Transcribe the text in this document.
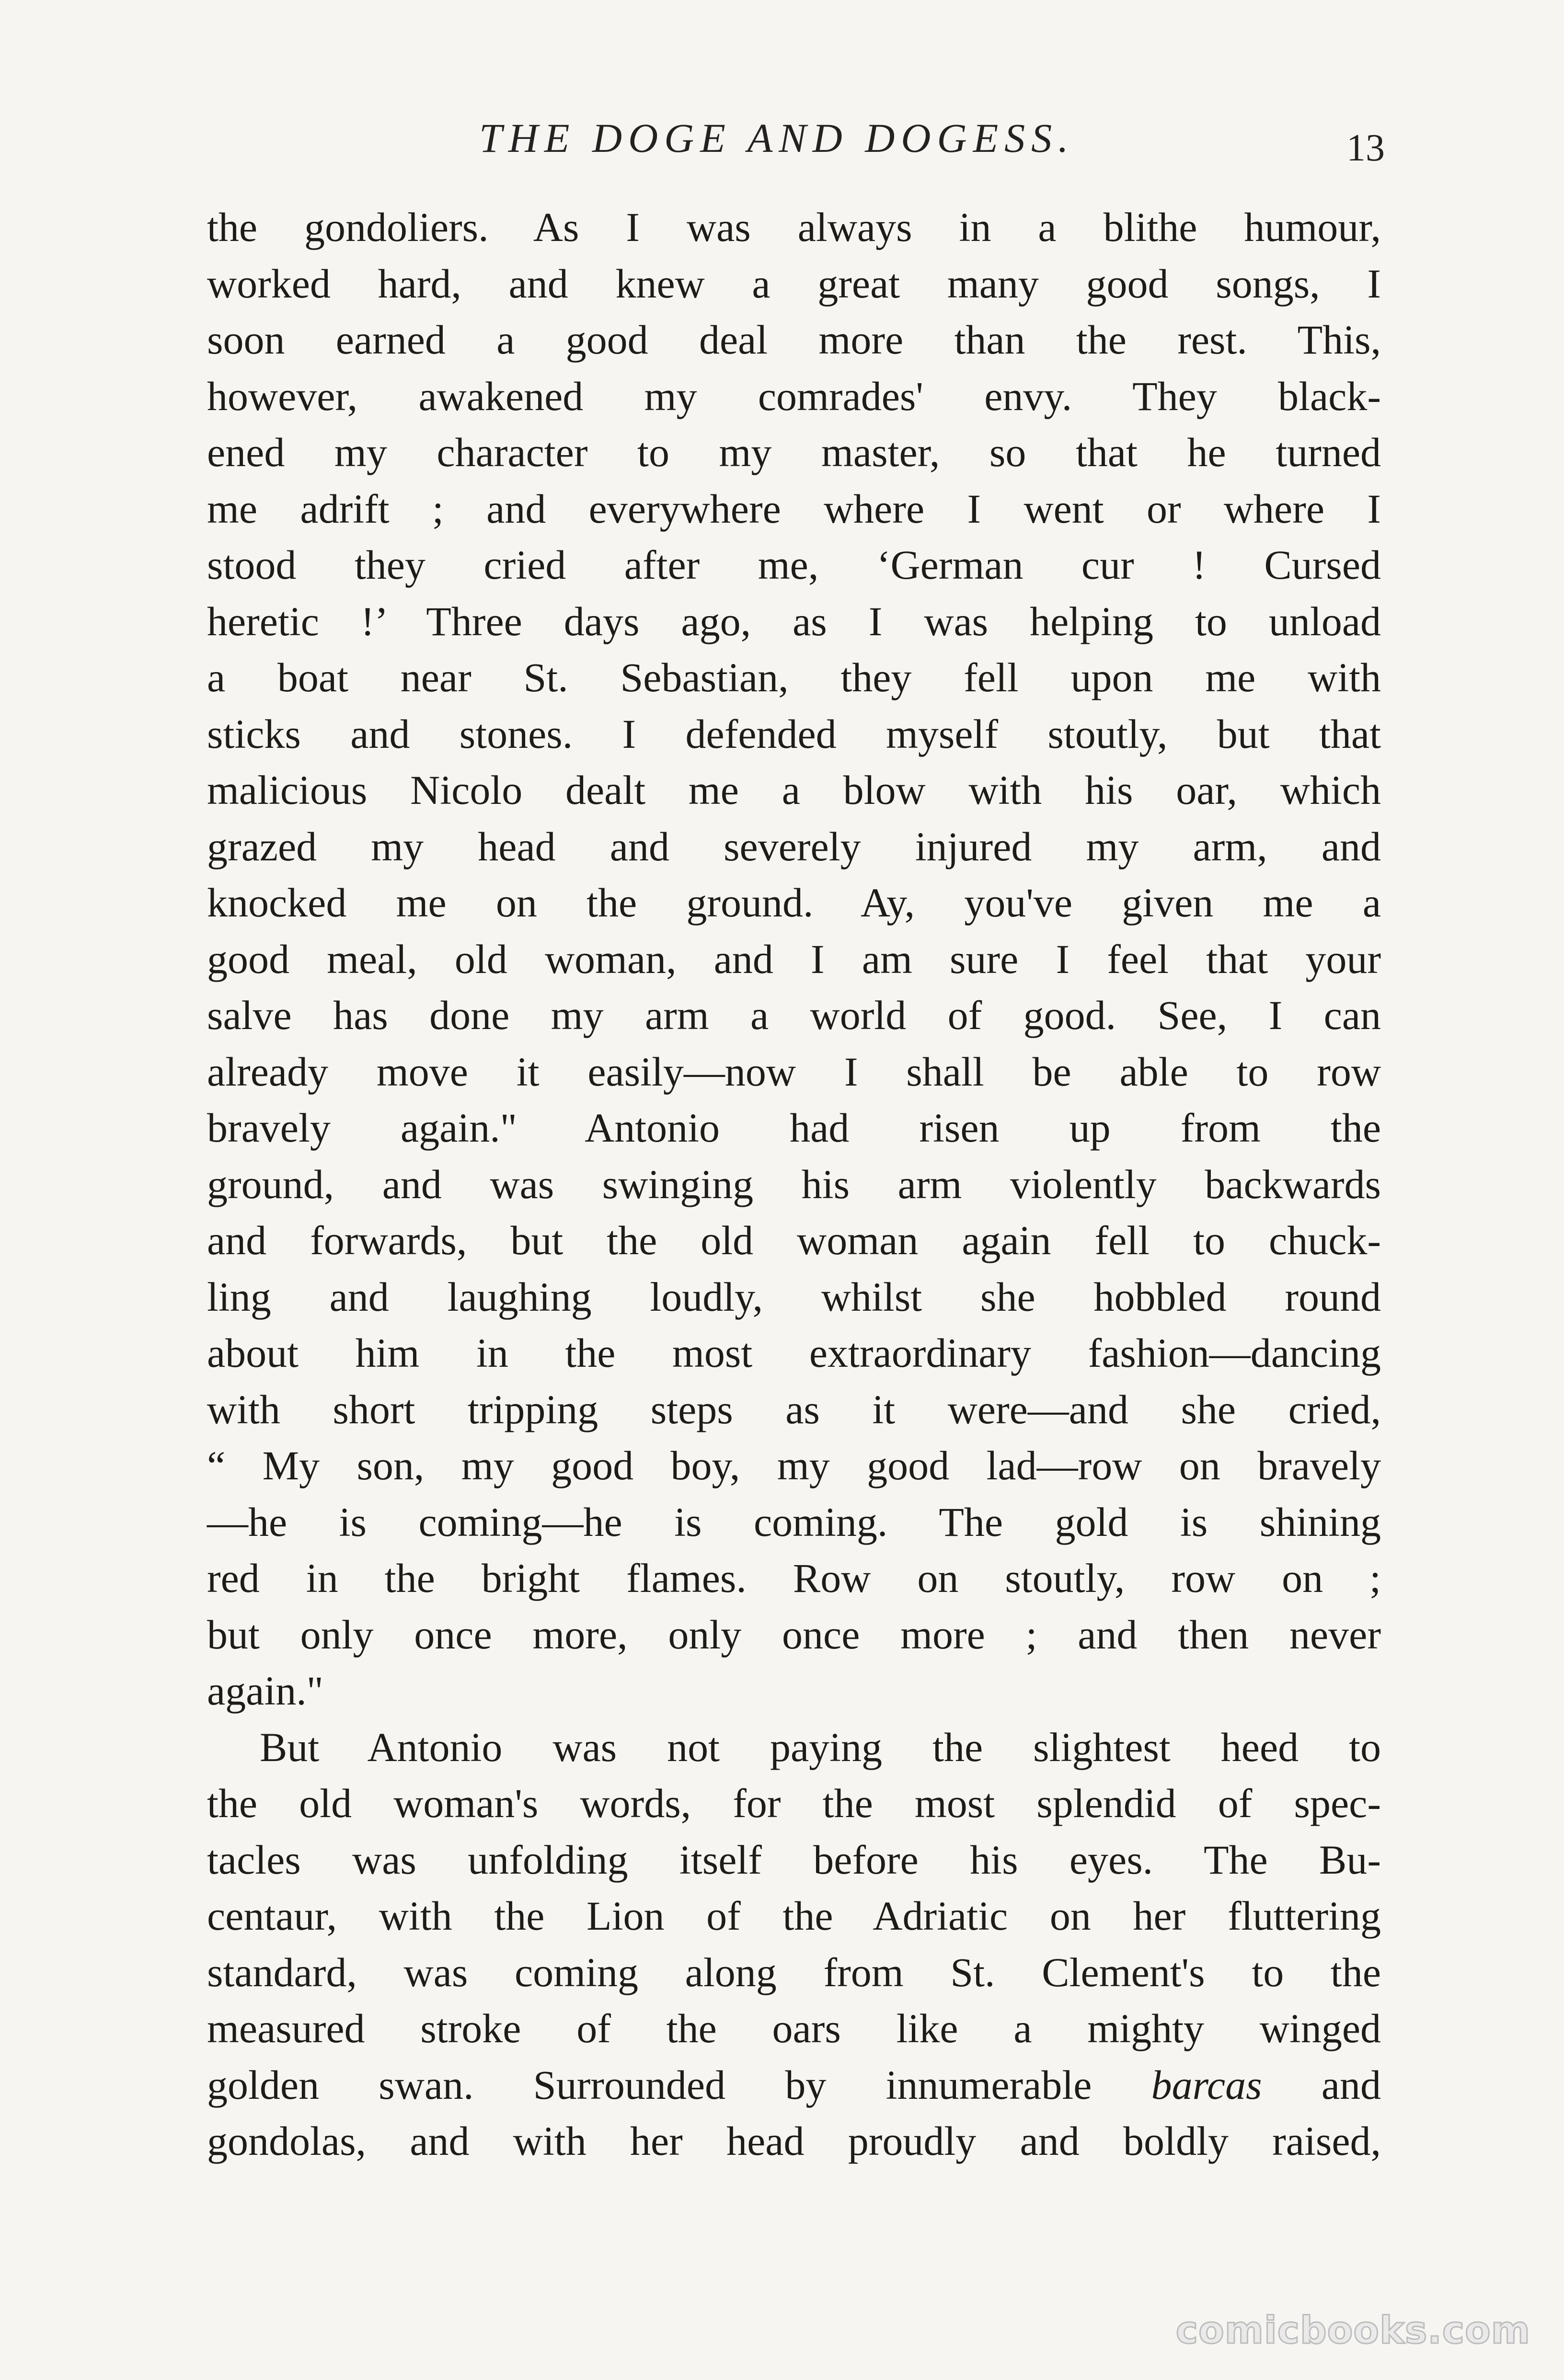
THE DOGE AND DOGESS.	13
the gondoliers. As I was always in a blithe humour,
worked hard, and knew a great many good songs, I
soon earned a good deal more than the rest. This,
however, awakened my comrades' envy. They black-
ened my character to my master, so that he turned
me adrift ; and everywhere where I went or where I
stood they cried after me, ‘German cur ! Cursed
heretic !’ Three days ago, as I was helping to unload
a boat near St. Sebastian, they fell upon me with
sticks and stones. I defended myself stoutly, but that
malicious Nicolo dealt me a blow with his oar, which
grazed my head and severely injured my arm, and
knocked me on the ground. Ay, you've given me a
good meal, old woman, and I am sure I feel that your
salve has done my arm a world of good. See, I can
already move it easily—now I shall be able to row
bravely again." Antonio had risen up from the
ground, and was swinging his arm violently backwards
and forwards, but the old woman again fell to chuck-
ling and laughing loudly, whilst she hobbled round
about him in the most extraordinary fashion—dancing
with short tripping steps as it were—and she cried,
“ My son, my good boy, my good lad—row on bravely
—he is coming—he is coming. The gold is shining
red in the bright flames. Row on stoutly, row on ;
but only once more, only once more ; and then never
again."
But Antonio was not paying the slightest heed to
the old woman's words, for the most splendid of spec-
tacles was unfolding itself before his eyes. The Bu-
centaur, with the Lion of the Adriatic on her fluttering
standard, was coming along from St. Clement's to the
measured stroke of the oars like a mighty winged
golden swan. Surrounded by innumerable barcas and
gondolas, and with her head proudly and boldly raised,
comicbooks.com
